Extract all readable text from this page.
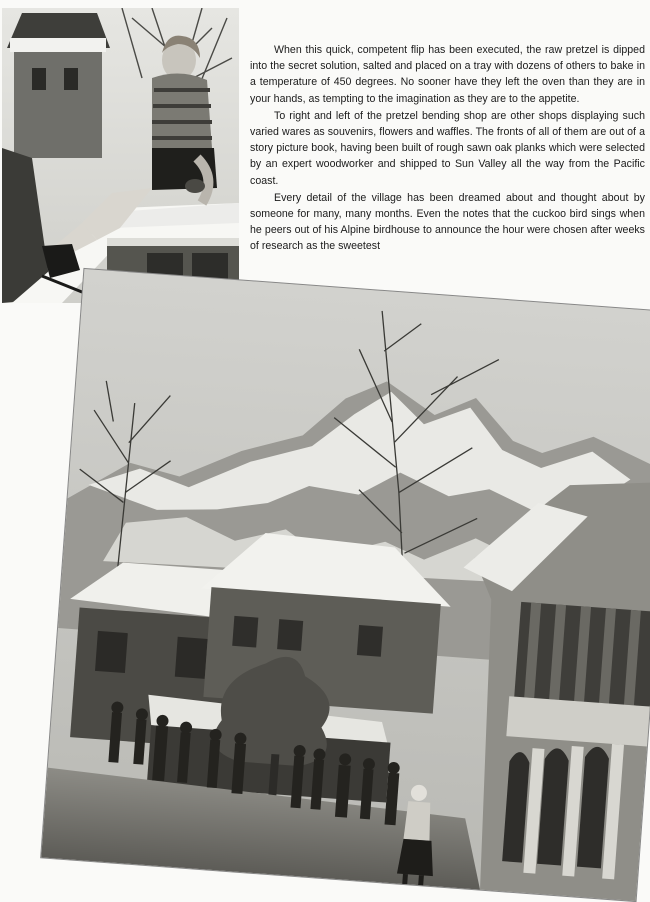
When this quick, competent flip has been executed, the raw pretzel is dipped into the secret solution, salted and placed on a tray with dozens of others to bake in a temperature of 450 degrees. No sooner have they left the oven than they are in your hands, as tempting to the imagination as they are to the appetite.

To right and left of the pretzel bending shop are other shops displaying such varied wares as souvenirs, flowers and waffles. The fronts of all of them are out of a story picture book, having been built of rough sawn oak planks which were selected by an expert woodworker and shipped to Sun Valley all the way from the Pacific coast.

Every detail of the village has been dreamed about and thought about by someone for many, many months. Even the notes that the cuckoo bird sings when he peers out of his Alpine birdhouse to announce the hour were chosen after weeks of research as the sweetest
